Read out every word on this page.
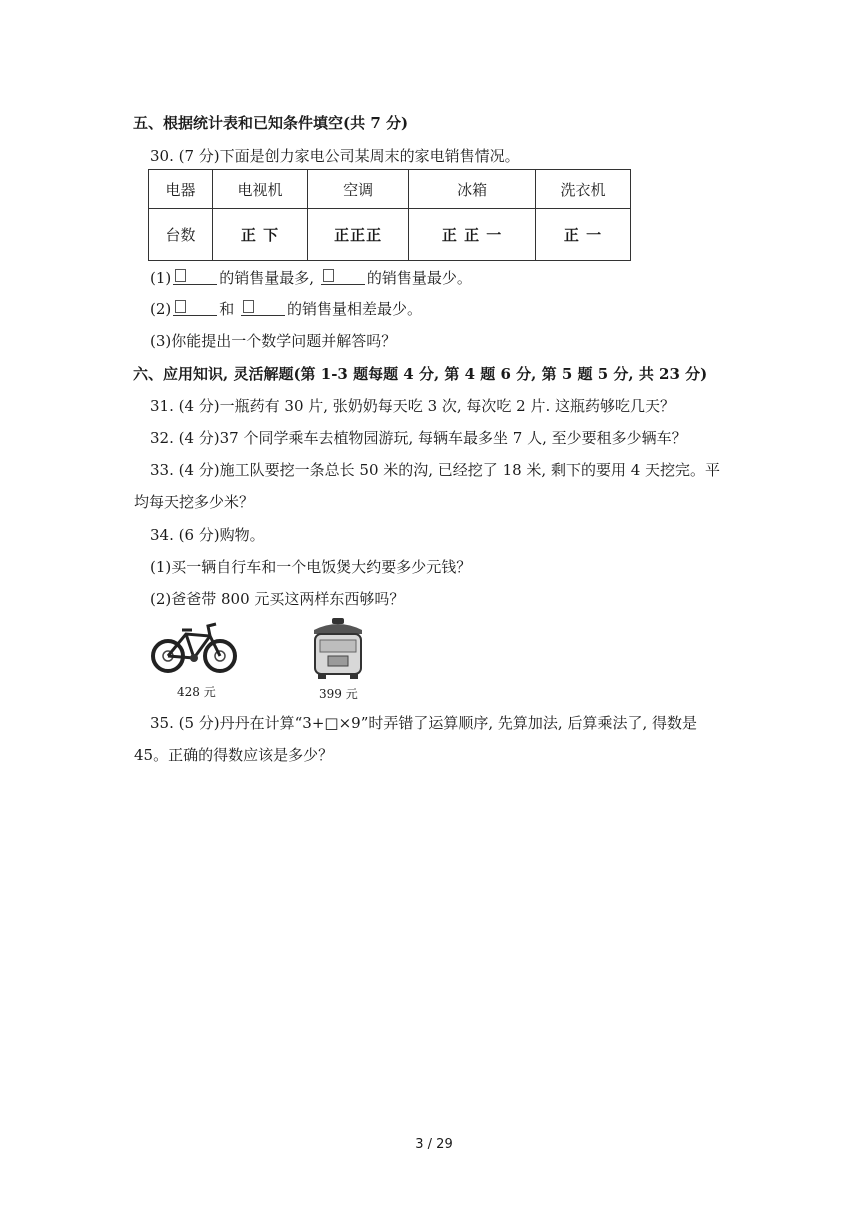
五、根据统计表和已知条件填空(共 7 分)
30. (7 分)下面是创力家电公司某周末的家电销售情况。
电器	电视机	空调	冰箱	洗衣机
台数	正 下	正正正	正 正 一	正 一
(1)	的销售量最多,	的销售量最少。
(2)	和	的销售量相差最少。
(3)你能提出一个数学问题并解答吗？
六、应用知识, 灵活解题(第 1-3 题每题 4 分, 第 4 题 6 分, 第 5 题 5 分, 共 23 分)
31. (4 分)一瓶药有 30 片, 张奶奶每天吃 3 次, 每次吃 2 片. 这瓶药够吃几天？
32. (4 分)37 个同学乘车去植物园游玩, 每辆车最多坐 7 人, 至少要租多少辆车？
33. (4 分)施工队要挖一条总长 50 米的沟, 已经挖了 18 米, 剩下的要用 4 天挖完。平
均每天挖多少米？
34. (6 分)购物。
(1)买一辆自行车和一个电饭煲大约要多少元钱？
(2)爸爸带 800 元买这两样东西够吗？
428 元	399 元
35. (5 分)丹丹在计算“3+□×9”时弄错了运算顺序, 先算加法, 后算乘法了, 得数是
45。正确的得数应该是多少？
3 / 29
